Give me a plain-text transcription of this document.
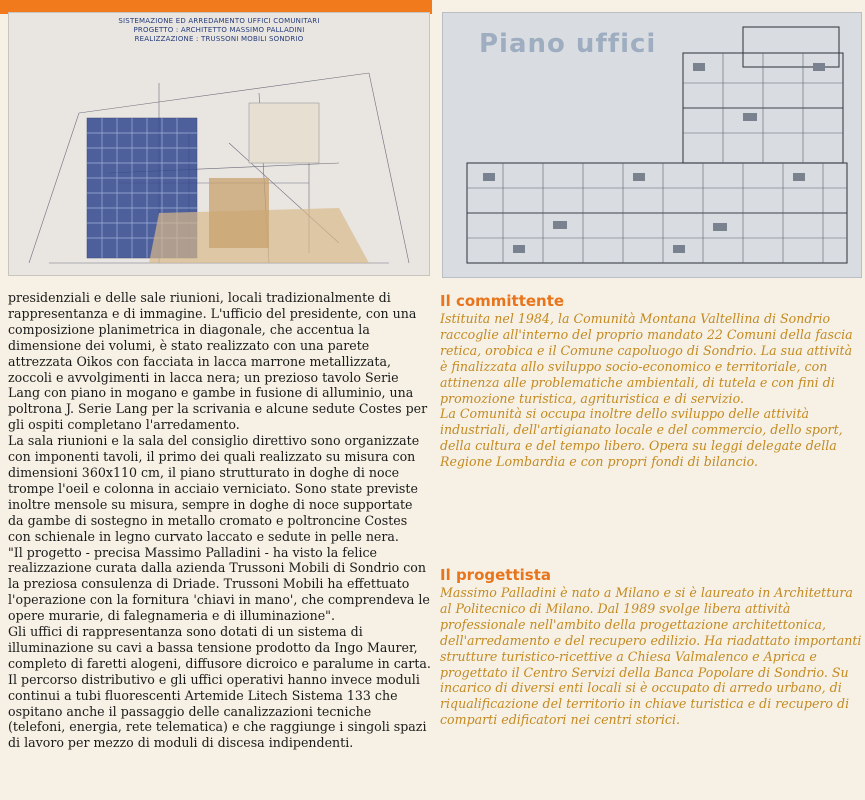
SISTEMAZIONE ED ARREDAMENTO UFFICI COMUNITARI
PROGETTO : ARCHITETTO MASSIMO PALLADINI
REALIZZAZIONE : TRUSSONI MOBILI SONDRIO	Piano uffici

presidenziali e delle sale riunioni, locali tradizionalmente di rappresentanza e di immagine. L'ufficio del presidente, con una composizione planimetrica in diagonale, che accentua la dimensione dei volumi, è stato realizzato con una parete attrezzata Oikos con facciata in lacca marrone metallizzata, zoccoli e avvolgimenti in lacca nera; un prezioso tavolo Serie Lang con piano in mogano e gambe in fusione di alluminio, una poltrona J. Serie Lang per la scrivania e alcune sedute Costes per gli ospiti completano l'arredamento.

La sala riunioni e la sala del consiglio direttivo sono organizzate con imponenti tavoli, il primo dei quali realizzato su misura con dimensioni 360x110 cm, il piano strutturato in doghe di noce trompe l'oeil e colonna in acciaio verniciato. Sono state previste inoltre mensole su misura, sempre in doghe di noce supportate da gambe di sostegno in metallo cromato e poltroncine Costes con schienale in legno curvato laccato e sedute in pelle nera.

"Il progetto - precisa Massimo Palladini - ha visto la felice realizzazione curata dalla azienda Trussoni Mobili di Sondrio con la preziosa consulenza di Driade. Trussoni Mobili ha effettuato l'operazione con la fornitura 'chiavi in mano', che comprendeva le opere murarie, di falegnameria e di illuminazione".

Gli uffici di rappresentanza sono dotati di un sistema di illuminazione su cavi a bassa tensione prodotto da Ingo Maurer, completo di faretti alogeni, diffusore dicroico e paralume in carta. Il percorso distributivo e gli uffici operativi hanno invece moduli continui a tubi fluorescenti Artemide Litech Sistema 133 che ospitano anche il passaggio delle canalizzazioni tecniche (telefoni, energia, rete telematica) e che raggiunge i singoli spazi di lavoro per mezzo di moduli di discesa indipendenti.

Il committente

Istituita nel 1984, la Comunità Montana Valtellina di Sondrio raccoglie all'interno del proprio mandato 22 Comuni della fascia retica, orobica e il Comune capoluogo di Sondrio. La sua attività è finalizzata allo sviluppo socio-economico e territoriale, con attinenza alle problematiche ambientali, di tutela e con fini di promozione turistica, agrituristica e di servizio.

La Comunità si occupa inoltre dello sviluppo delle attività industriali, dell'artigianato locale e del commercio, dello sport, della cultura e del tempo libero. Opera su leggi delegate della Regione Lombardia e con propri fondi di bilancio.

Il progettista

Massimo Palladini è nato a Milano e si è laureato in Architettura al Politecnico di Milano. Dal 1989 svolge libera attività professionale nell'ambito della progettazione architettonica, dell'arredamento e del recupero edilizio. Ha riadattato importanti strutture turistico-ricettive a Chiesa Valmalenco e Aprica e progettato il Centro Servizi della Banca Popolare di Sondrio. Su incarico di diversi enti locali si è occupato di arredo urbano, di riqualificazione del territorio in chiave turistica e di recupero di comparti edificatori nei centri storici.
